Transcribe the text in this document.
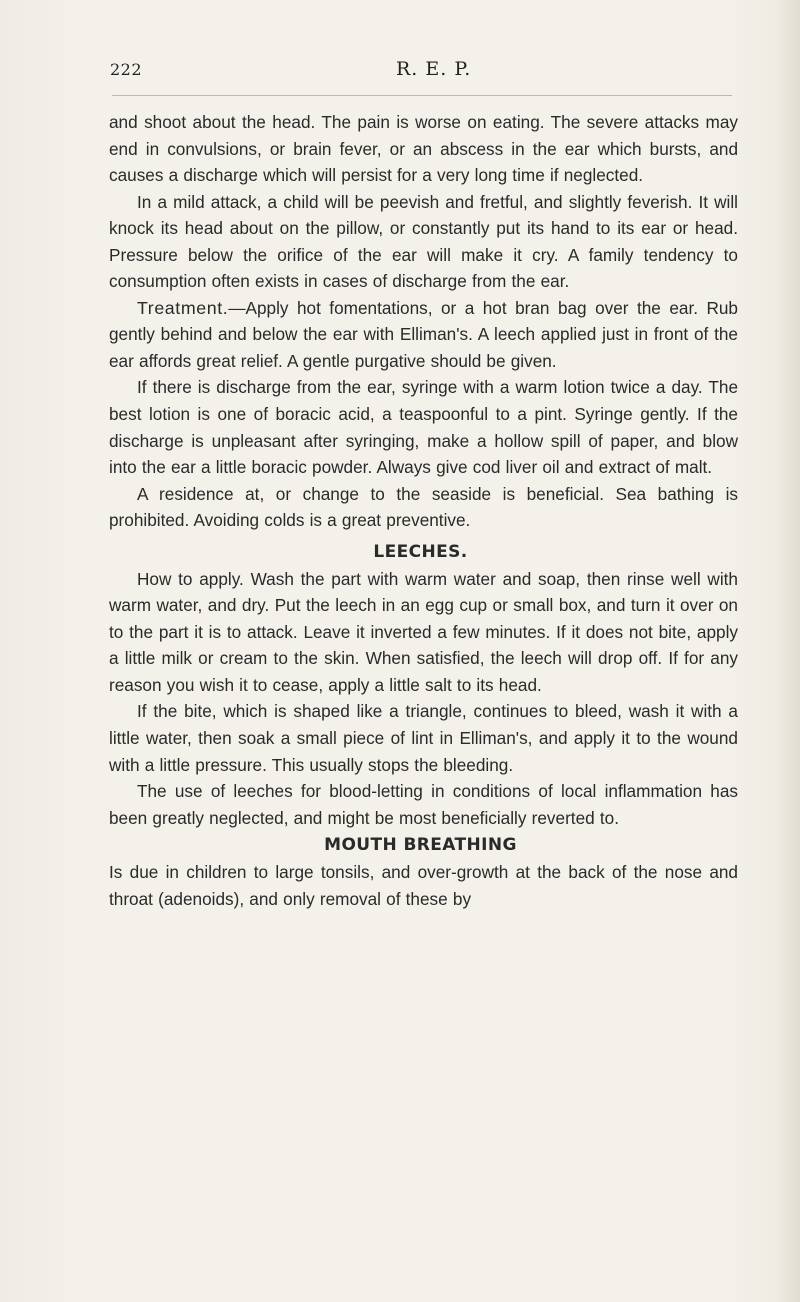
222	R. E. P.

and shoot about the head. The pain is worse on eating. The severe attacks may end in convulsions, or brain fever, or an abscess in the ear which bursts, and causes a discharge which will persist for a very long time if neglected.

In a mild attack, a child will be peevish and fretful, and slightly feverish. It will knock its head about on the pillow, or constantly put its hand to its ear or head. Pressure below the orifice of the ear will make it cry. A family tendency to consumption often exists in cases of discharge from the ear.

Treatment.—Apply hot fomentations, or a hot bran bag over the ear. Rub gently behind and below the ear with Elliman's. A leech applied just in front of the ear affords great relief. A gentle purgative should be given.

If there is discharge from the ear, syringe with a warm lotion twice a day. The best lotion is one of boracic acid, a teaspoonful to a pint. Syringe gently. If the discharge is unpleasant after syringing, make a hollow spill of paper, and blow into the ear a little boracic powder. Always give cod liver oil and extract of malt.

A residence at, or change to the seaside is beneficial. Sea bathing is prohibited. Avoiding colds is a great preventive.

LEECHES.

How to apply. Wash the part with warm water and soap, then rinse well with warm water, and dry. Put the leech in an egg cup or small box, and turn it over on to the part it is to attack. Leave it inverted a few minutes. If it does not bite, apply a little milk or cream to the skin. When satisfied, the leech will drop off. If for any reason you wish it to cease, apply a little salt to its head.

If the bite, which is shaped like a triangle, continues to bleed, wash it with a little water, then soak a small piece of lint in Elliman's, and apply it to the wound with a little pressure. This usually stops the bleeding.

The use of leeches for blood-letting in conditions of local inflammation has been greatly neglected, and might be most beneficially reverted to.

MOUTH BREATHING

Is due in children to large tonsils, and over-growth at the back of the nose and throat (adenoids), and only removal of these by
